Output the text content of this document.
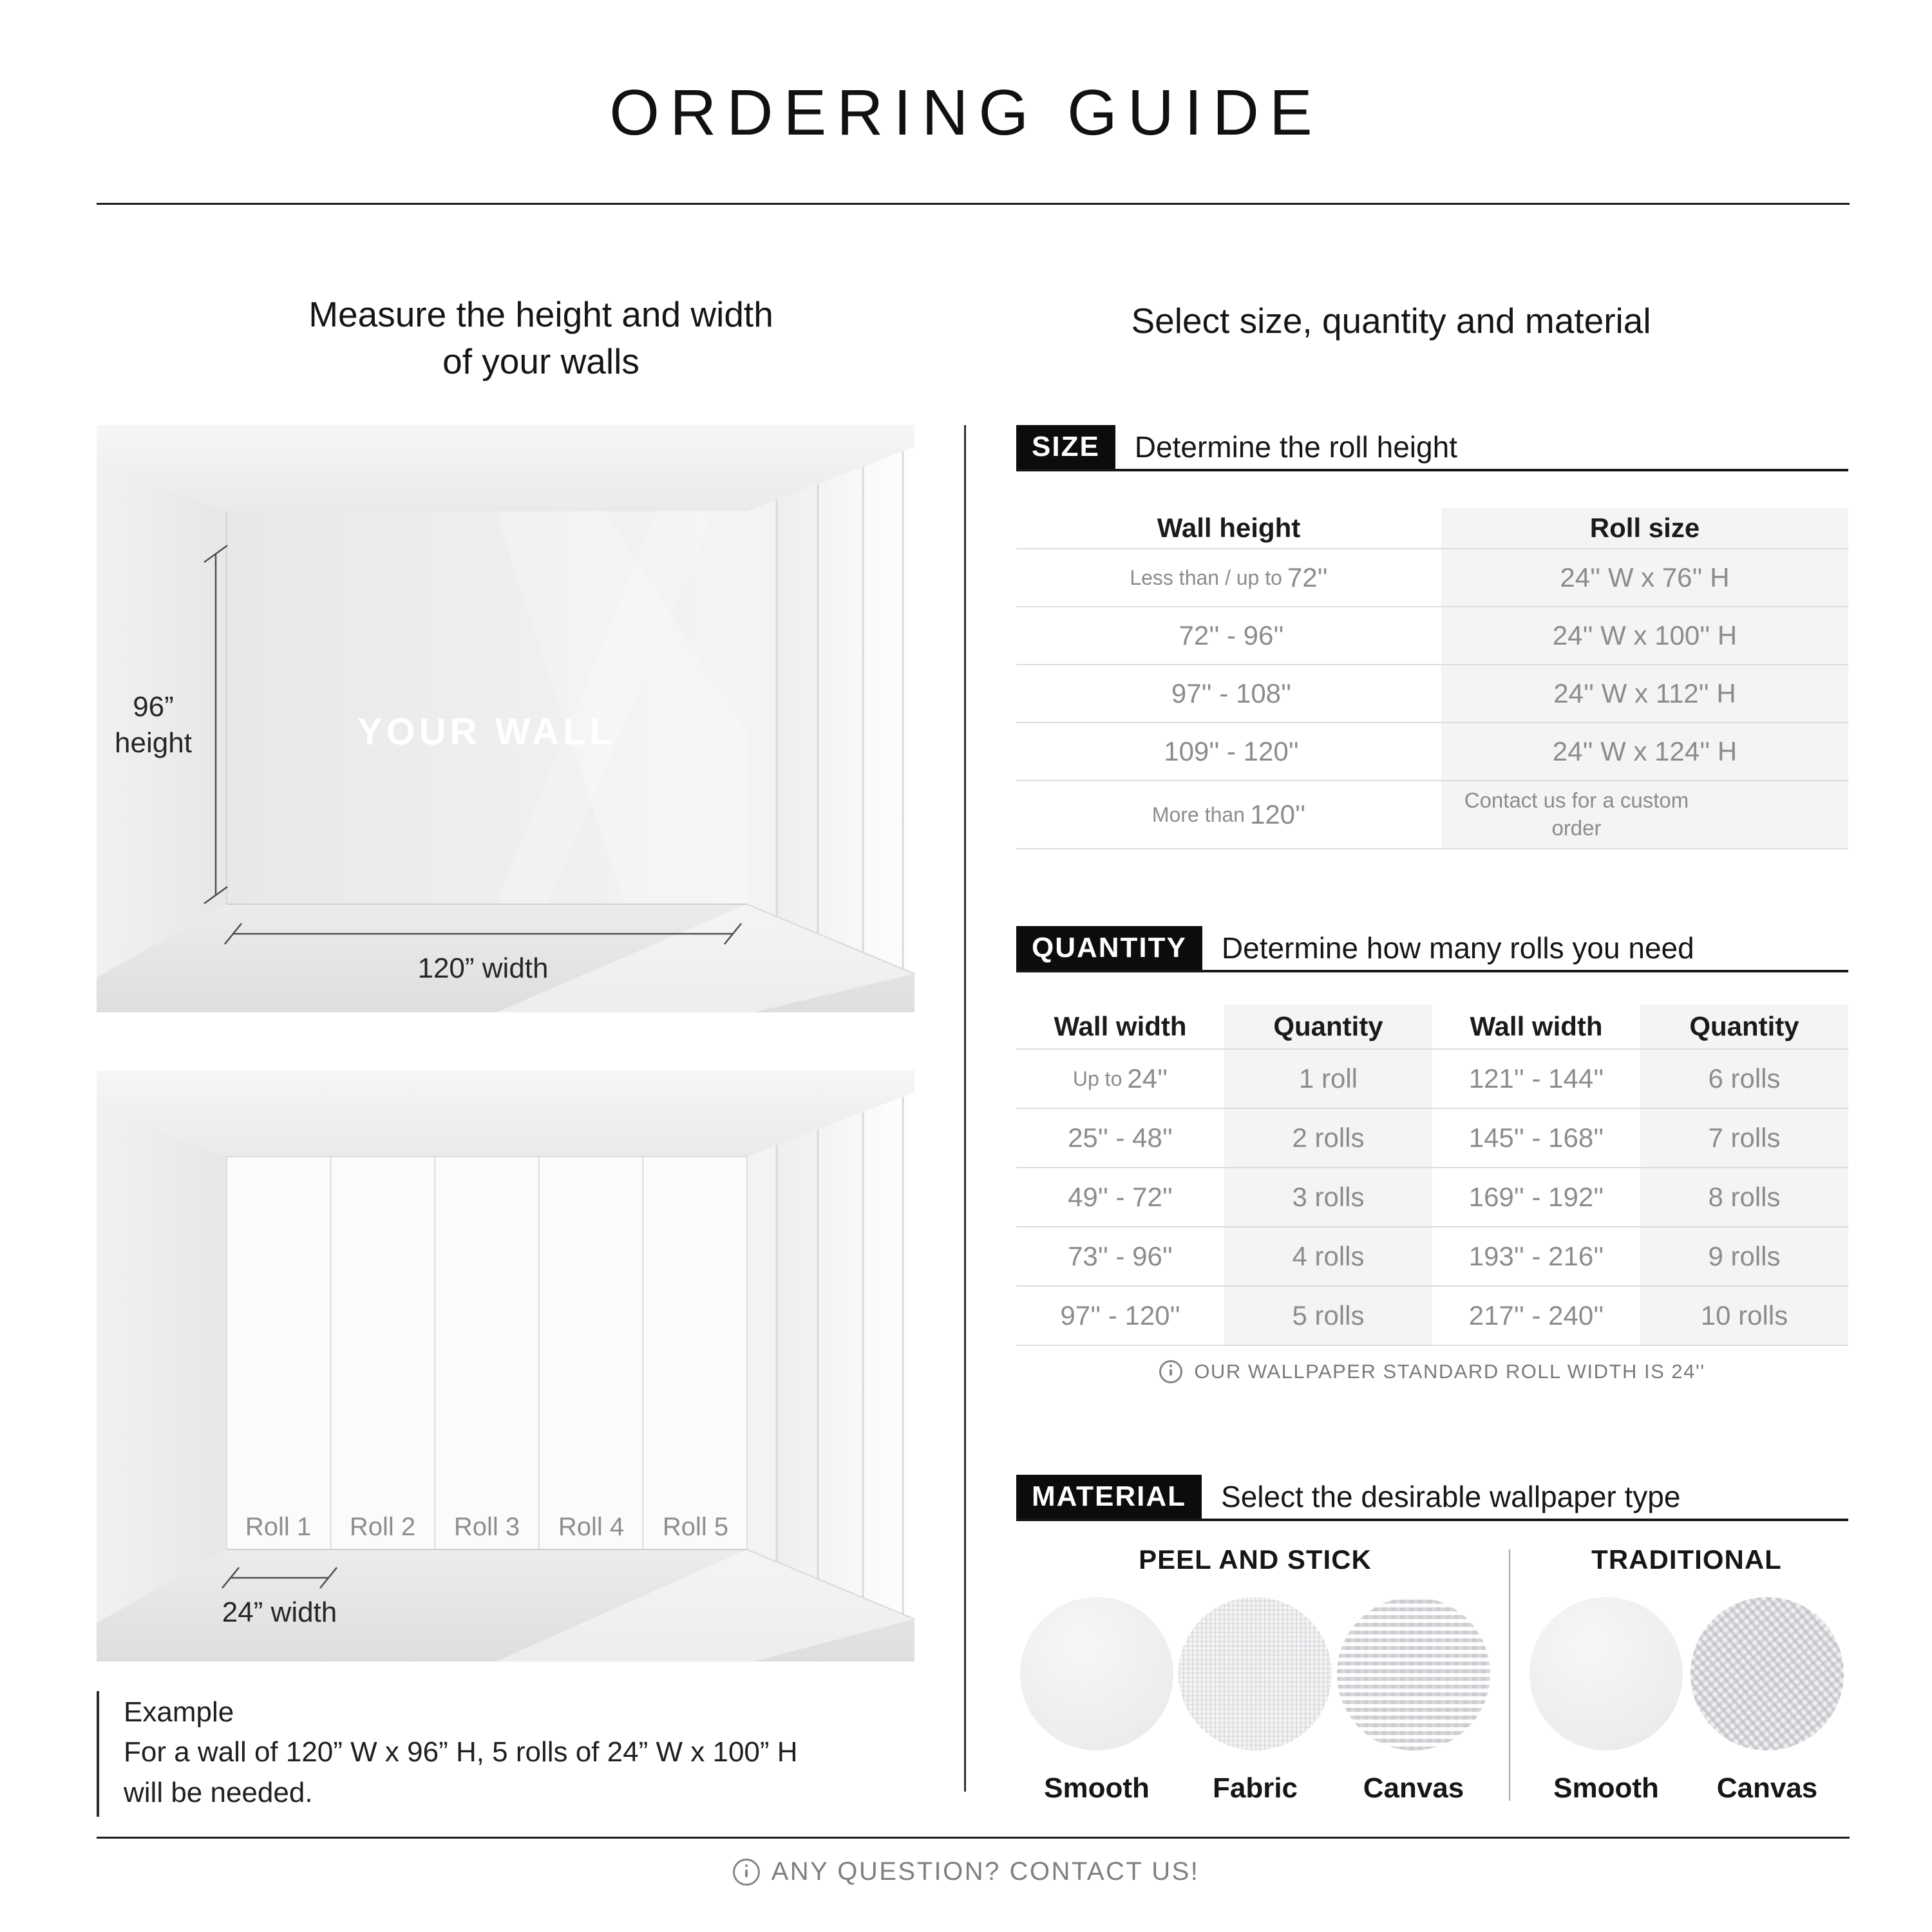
ORDERING GUIDE
Measure the height and width
of your walls
Select size, quantity and material
96”
height	YOUR WALL
120” width
Roll 1 Roll 2 Roll 3 Roll 4 Roll 5
24” width
Example
For a wall of 120” W x 96” H, 5 rolls of 24” W x 100” H
will be needed.
SIZE	Determine the roll height
Wall height	Roll size
Less than / up to 72''	24'' W x 76'' H
72'' - 96''	24'' W x 100'' H
97'' - 108''	24'' W x 112'' H
109'' - 120''	24'' W x 124'' H
More than 120''	Contact us for a custom order
QUANTITY	Determine how many rolls you need
Wall width	Quantity	Wall width	Quantity
Up to 24''	1 roll	121'' - 144''	6 rolls
25'' - 48''	2 rolls	145'' - 168''	7 rolls
49'' - 72''	3 rolls	169'' - 192''	8 rolls
73'' - 96''	4 rolls	193'' - 216''	9 rolls
97'' - 120''	5 rolls	217'' - 240''	10 rolls
OUR WALLPAPER STANDARD ROLL WIDTH IS 24''
MATERIAL	Select the desirable wallpaper type
PEEL AND STICK
Smooth Fabric Canvas
TRADITIONAL
Smooth Canvas
ANY QUESTION? CONTACT US!
